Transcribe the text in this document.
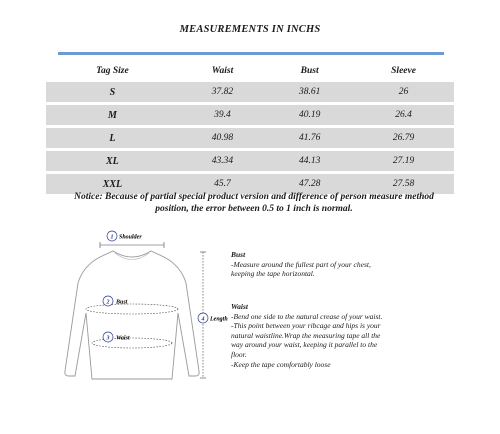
MEASUREMENTS IN INCHS
Tag Size	Waist	Bust	Sleeve
S	37.82	38.61	26
M	39.4	40.19	26.4
L	40.98	41.76	26.79
XL	43.34	44.13	27.19
XXL	45.7	47.28	27.58
Notice: Because of partial special product version and difference of person measure method
position, the error between 0.5 to 1 inch is normal.
1 Shoulder
2 Bust
3 Waist
4 Length
Bust
-Measure around the fullest part of your chest,
keeping the tape horizontal.
Waist
-Bend one side to the natural crease of your waist.
-This point between your ribcage and hips is your
natural waistline.Wrap the measuring tape all the
way around your waist, keeping it parallel to the
floor.
-Keep the tape comfortably loose
